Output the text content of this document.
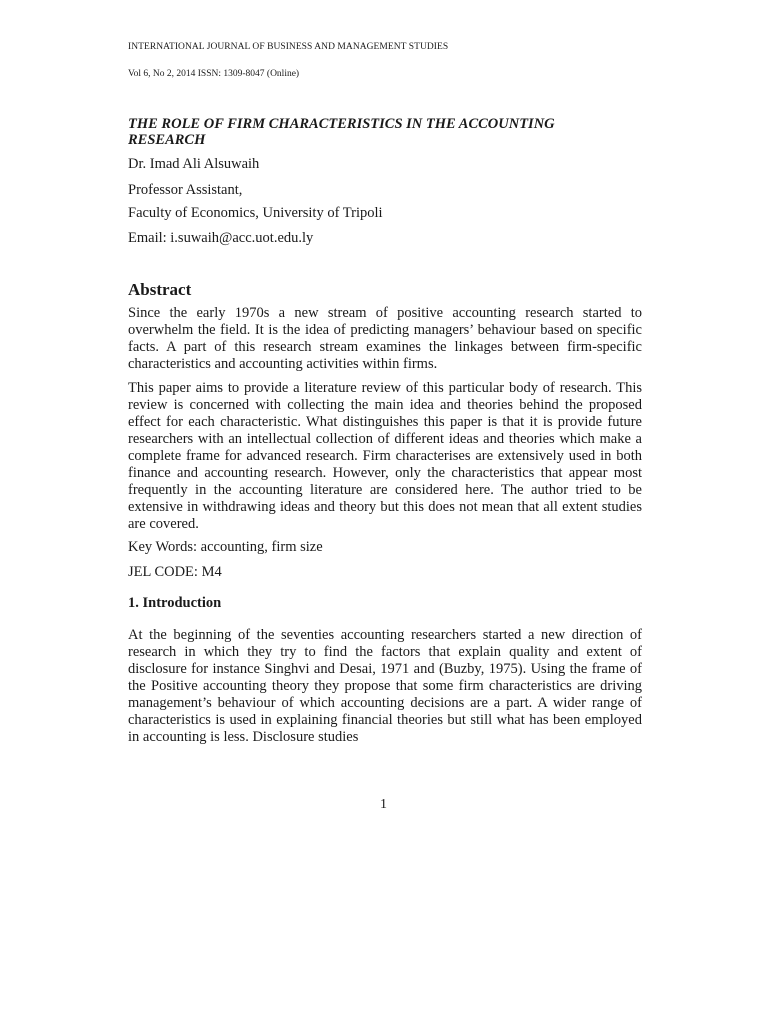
INTERNATIONAL JOURNAL OF BUSINESS AND MANAGEMENT STUDIES

Vol 6, No 2, 2014 ISSN: 1309-8047 (Online)

THE ROLE OF FIRM CHARACTERISTICS IN THE ACCOUNTING RESEARCH

Dr. Imad Ali Alsuwaih

Professor Assistant,

Faculty of Economics, University of Tripoli

Email: i.suwaih@acc.uot.edu.ly

Abstract

Since the early 1970s a new stream of positive accounting research started to overwhelm the field. It is the idea of predicting managers’ behaviour based on specific facts. A part of this research stream examines the linkages between firm-specific characteristics and accounting activities within firms.

This paper aims to provide a literature review of this particular body of research. This review is concerned with collecting the main idea and theories behind the proposed effect for each characteristic. What distinguishes this paper is that it is provide future researchers with an intellectual collection of different ideas and theories which make a complete frame for advanced research. Firm characterises are extensively used in both finance and accounting research. However, only the characteristics that appear most frequently in the accounting literature are considered here. The author tried to be extensive in withdrawing ideas and theory but this does not mean that all extent studies are covered.

Key Words: accounting, firm size

JEL CODE: M4

1. Introduction

At the beginning of the seventies accounting researchers started a new direction of research in which they try to find the factors that explain quality and extent of disclosure for instance Singhvi and Desai, 1971 and (Buzby, 1975). Using the frame of the Positive accounting theory they propose that some firm characteristics are driving management’s behaviour of which accounting decisions are a part. A wider range of characteristics is used in explaining financial theories but still what has been employed in accounting is less. Disclosure studies

1
